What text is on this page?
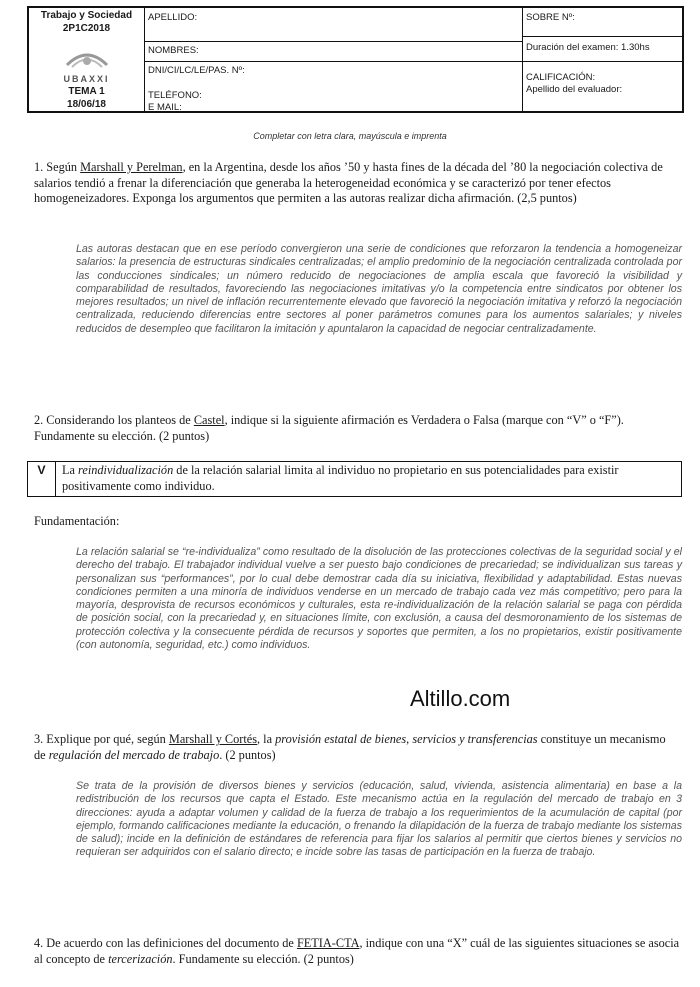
Trabajo y Sociedad
2P1C2018
UBAXXI
TEMA 1
18/06/18
APELLIDO:
NOMBRES:
DNI/CI/LC/LE/PAS. Nº:
TELÉFONO:
E MAIL:
SOBRE Nº:
Duración del examen: 1.30hs
CALIFICACIÓN:
Apellido del evaluador:
Completar con letra clara, mayúscula e imprenta
1. Según Marshall y Perelman, en la Argentina, desde los años ’50 y hasta fines de la década del ’80 la negociación colectiva de salarios tendió a frenar la diferenciación que generaba la heterogeneidad económica y se caracterizó por tener efectos homogeneizadores. Exponga los argumentos que permiten a las autoras realizar dicha afirmación. (2,5 puntos)
Las autoras destacan que en ese período convergieron una serie de condiciones que reforzaron la tendencia a homogeneizar salarios: la presencia de estructuras sindicales centralizadas; el amplio predominio de la negociación centralizada controlada por las conducciones sindicales; un número reducido de negociaciones de amplia escala que favoreció la visibilidad y comparabilidad de resultados, favoreciendo las negociaciones imitativas y/o la competencia entre sindicatos por obtener los mejores resultados; un nivel de inflación recurrentemente elevado que favoreció la negociación imitativa y reforzó la negociación centralizada, reduciendo diferencias entre sectores al poner parámetros comunes para los aumentos salariales; y niveles reducidos de desempleo que facilitaron la imitación y apuntalaron la capacidad de negociar centralizadamente.
2. Considerando los planteos de Castel, indique si la siguiente afirmación es Verdadera o Falsa (marque con “V” o “F”). Fundamente su elección. (2 puntos)
V	La reindividualización de la relación salarial limita al individuo no propietario en sus potencialidades para existir positivamente como individuo.
Fundamentación:
La relación salarial se “re-individualiza” como resultado de la disolución de las protecciones colectivas de la seguridad social y el derecho del trabajo. El trabajador individual vuelve a ser puesto bajo condiciones de precariedad; se individualizan sus tareas y personalizan sus “performances”, por lo cual debe demostrar cada día su iniciativa, flexibilidad y adaptabilidad. Estas nuevas condiciones permiten a una minoría de individuos venderse en un mercado de trabajo cada vez más competitivo; pero para la mayoría, desprovista de recursos económicos y culturales, esta re-individualización de la relación salarial se paga con pérdida de posición social, con la precariedad y, en situaciones límite, con exclusión, a causa del desmoronamiento de los sistemas de protección colectiva y la consecuente pérdida de recursos y soportes que permiten, a los no propietarios, existir positivamente (con autonomía, seguridad, etc.) como individuos.
Altillo.com
3. Explique por qué, según Marshall y Cortés, la provisión estatal de bienes, servicios y transferencias constituye un mecanismo de regulación del mercado de trabajo. (2 puntos)
Se trata de la provisión de diversos bienes y servicios (educación, salud, vivienda, asistencia alimentaria) en base a la redistribución de los recursos que capta el Estado. Este mecanismo actúa en la regulación del mercado de trabajo en 3 direcciones: ayuda a adaptar volumen y calidad de la fuerza de trabajo a los requerimientos de la acumulación de capital (por ejemplo, formando calificaciones mediante la educación, o frenando la dilapidación de la fuerza de trabajo mediante los sistemas de salud); incide en la definición de estándares de referencia para fijar los salarios al permitir que ciertos bienes y servicios no requieran ser adquiridos con el salario directo; e incide sobre las tasas de participación en la fuerza de trabajo.
4. De acuerdo con las definiciones del documento de FETIA-CTA, indique con una “X” cuál de las siguientes situaciones se asocia al concepto de tercerización. Fundamente su elección. (2 puntos)
